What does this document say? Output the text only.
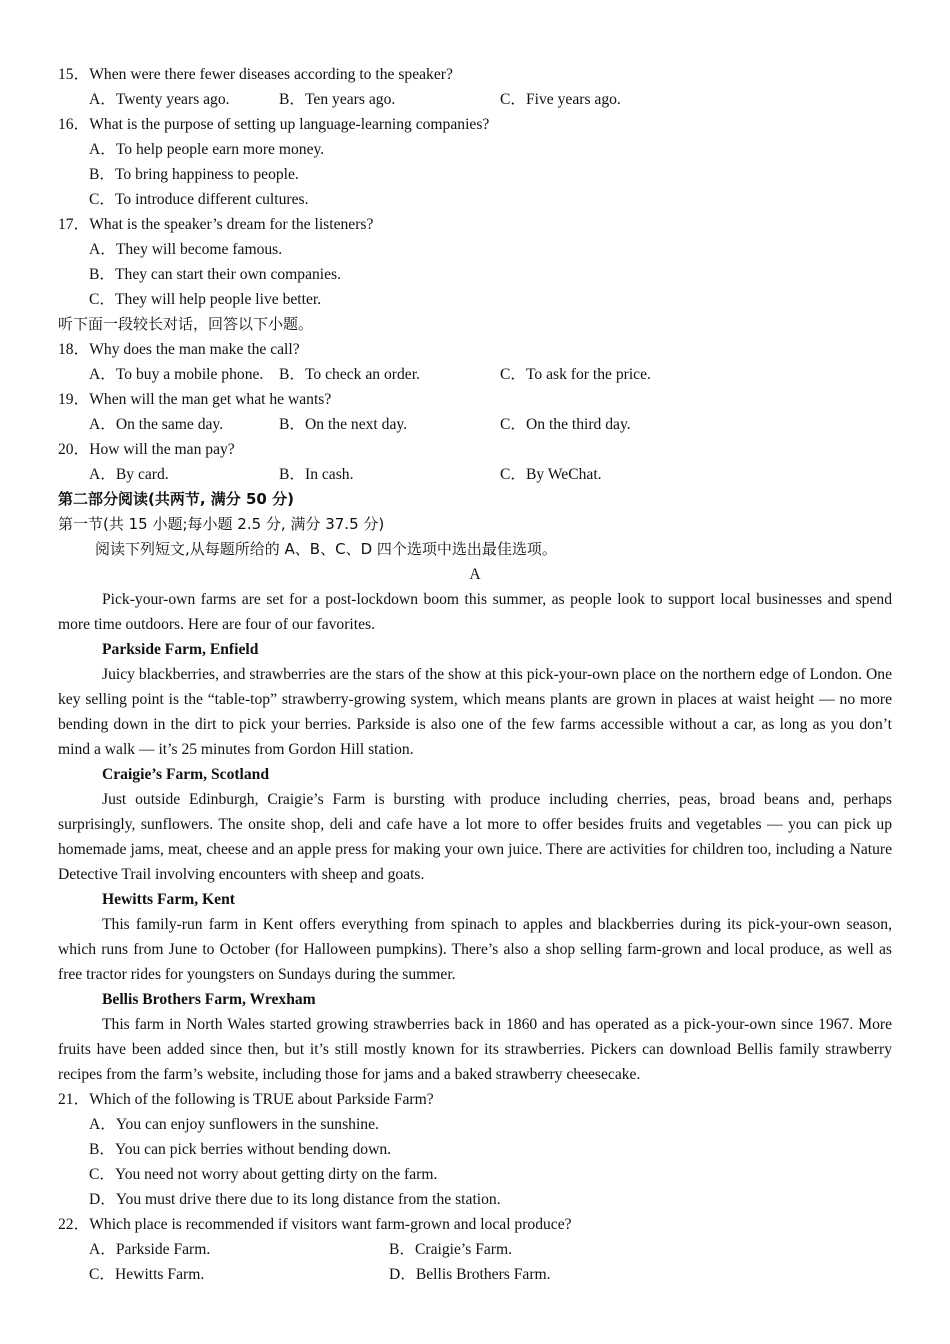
15．When were there fewer diseases according to the speaker?
A．Twenty years ago.	B．Ten years ago.	C．Five years ago.
16．What is the purpose of setting up language-learning companies?
A．To help people earn more money.
B．To bring happiness to people.
C．To introduce different cultures.
17．What is the speaker’s dream for the listeners?
A．They will become famous.
B．They can start their own companies.
C．They will help people live better.
听下面一段较长对话，回答以下小题。
18．Why does the man make the call?
A．To buy a mobile phone. B．To check an order.	C．To ask for the price.
19．When will the man get what he wants?
A．On the same day.	B．On the next day.	C．On the third day.
20．How will the man pay?
A．By card.	B．In cash.	C．By WeChat.
第二部分阅读(共两节, 满分 50 分)
第一节(共 15 小题;每小题 2.5 分, 满分 37.5 分)
阅读下列短文,从每题所给的 A、B、C、D 四个选项中选出最佳选项。
A
Pick-your-own farms are set for a post-lockdown boom this summer, as people look to support local businesses and spend more time outdoors. Here are four of our favorites.
Parkside Farm, Enfield
Juicy blackberries, and strawberries are the stars of the show at this pick-your-own place on the northern edge of London. One key selling point is the “table-top” strawberry-growing system, which means plants are grown in places at waist height — no more bending down in the dirt to pick your berries. Parkside is also one of the few farms accessible without a car, as long as you don’t mind a walk — it’s 25 minutes from Gordon Hill station.
Craigie’s Farm, Scotland
Just outside Edinburgh, Craigie’s Farm is bursting with produce including cherries, peas, broad beans and, perhaps surprisingly, sunflowers. The onsite shop, deli and cafe have a lot more to offer besides fruits and vegetables — you can pick up homemade jams, meat, cheese and an apple press for making your own juice. There are activities for children too, including a Nature Detective Trail involving encounters with sheep and goats.
Hewitts Farm, Kent
This family-run farm in Kent offers everything from spinach to apples and blackberries during its pick-your-own season, which runs from June to October (for Halloween pumpkins). There’s also a shop selling farm-grown and local produce, as well as free tractor rides for youngsters on Sundays during the summer.
Bellis Brothers Farm, Wrexham
This farm in North Wales started growing strawberries back in 1860 and has operated as a pick-your-own since 1967. More fruits have been added since then, but it’s still mostly known for its strawberries. Pickers can download Bellis family strawberry recipes from the farm’s website, including those for jams and a baked strawberry cheesecake.
21．Which of the following is TRUE about Parkside Farm?
A．You can enjoy sunflowers in the sunshine.
B．You can pick berries without bending down.
C．You need not worry about getting dirty on the farm.
D．You must drive there due to its long distance from the station.
22．Which place is recommended if visitors want farm-grown and local produce?
A．Parkside Farm.	B．Craigie’s Farm.
C．Hewitts Farm.	D．Bellis Brothers Farm.
